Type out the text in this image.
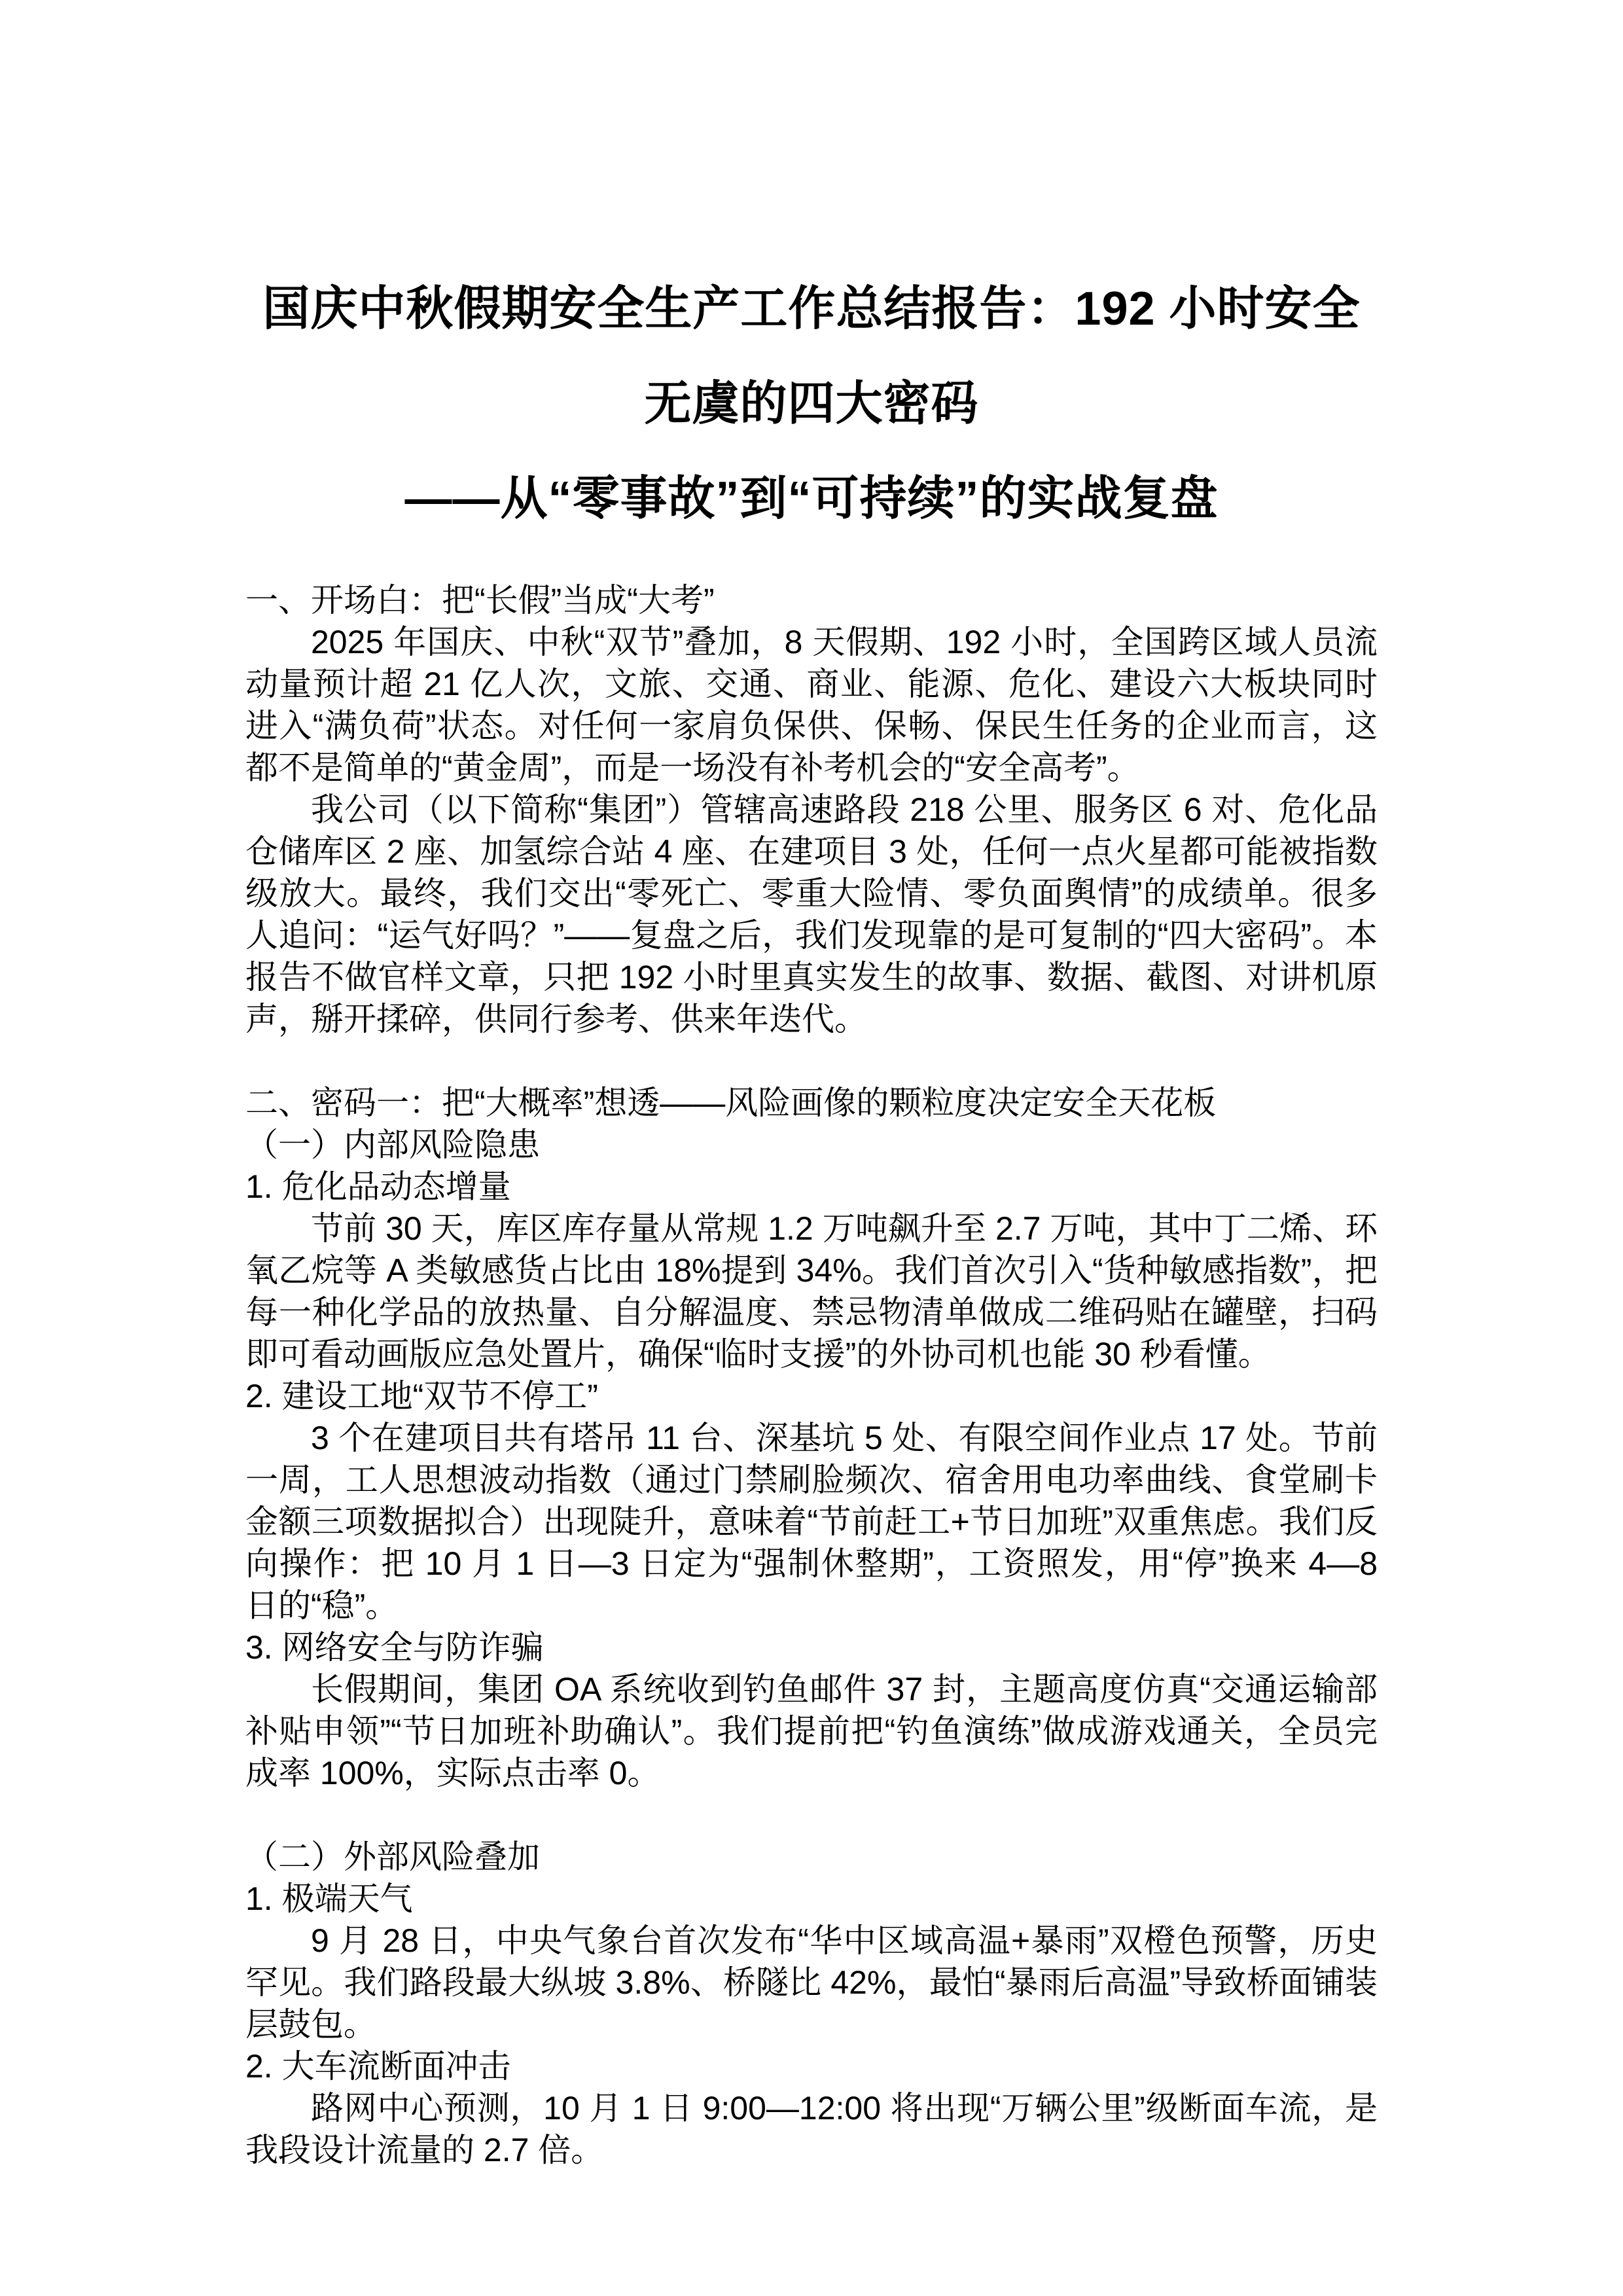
国庆中秋假期安全生产工作总结报告：192 小时安全
无虞的四大密码
——从“零事故”到“可持续”的实战复盘

一、开场白：把“长假”当成“大考”

2025 年国庆、中秋“双节”叠加，8 天假期、192 小时，全国跨区域人员流动量预计超 21 亿人次，文旅、交通、商业、能源、危化、建设六大板块同时进入“满负荷”状态。对任何一家肩负保供、保畅、保民生任务的企业而言，这都不是简单的“黄金周”，而是一场没有补考机会的“安全高考”。

我公司（以下简称“集团”）管辖高速路段 218 公里、服务区 6 对、危化品仓储库区 2 座、加氢综合站 4 座、在建项目 3 处，任何一点火星都可能被指数级放大。最终，我们交出“零死亡、零重大险情、零负面舆情”的成绩单。很多人追问：“运气好吗？”——复盘之后，我们发现靠的是可复制的“四大密码”。本报告不做官样文章，只把 192 小时里真实发生的故事、数据、截图、对讲机原声，掰开揉碎，供同行参考、供来年迭代。

二、密码一：把“大概率”想透——风险画像的颗粒度决定安全天花板

（一）内部风险隐患

1. 危化品动态增量

节前 30 天，库区库存量从常规 1.2 万吨飙升至 2.7 万吨，其中丁二烯、环氧乙烷等 A 类敏感货占比由 18%提到 34%。我们首次引入“货种敏感指数”，把每一种化学品的放热量、自分解温度、禁忌物清单做成二维码贴在罐壁，扫码即可看动画版应急处置片，确保“临时支援”的外协司机也能 30 秒看懂。

2. 建设工地“双节不停工”

3 个在建项目共有塔吊 11 台、深基坑 5 处、有限空间作业点 17 处。节前一周，工人思想波动指数（通过门禁刷脸频次、宿舍用电功率曲线、食堂刷卡金额三项数据拟合）出现陡升，意味着“节前赶工+节日加班”双重焦虑。我们反向操作：把 10 月 1 日—3 日定为“强制休整期”，工资照发，用“停”换来 4—8 日的“稳”。

3. 网络安全与防诈骗

长假期间，集团 OA 系统收到钓鱼邮件 37 封，主题高度仿真“交通运输部补贴申领”“节日加班补助确认”。我们提前把“钓鱼演练”做成游戏通关，全员完成率 100%，实际点击率 0。

（二）外部风险叠加

1. 极端天气

9 月 28 日，中央气象台首次发布“华中区域高温+暴雨”双橙色预警，历史罕见。我们路段最大纵坡 3.8%、桥隧比 42%，最怕“暴雨后高温”导致桥面铺装层鼓包。

2. 大车流断面冲击

路网中心预测，10 月 1 日 9:00—12:00 将出现“万辆公里”级断面车流，是我段设计流量的 2.7 倍。
